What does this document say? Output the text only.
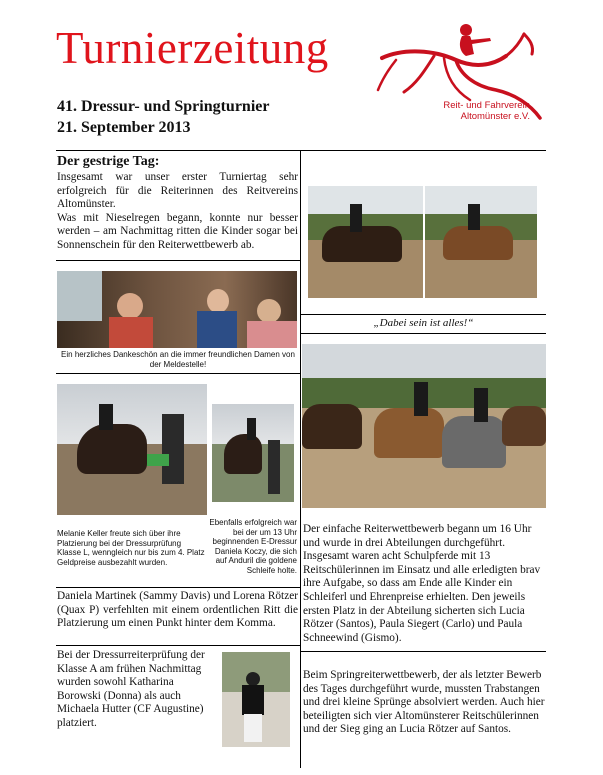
Turnierzeitung
41. Dressur- und Springturnier
21. September 2013
Reit- und Fahrverein
Altomünster e.V.
Der gestrige Tag:
Insgesamt war unser erster Turniertag sehr erfolgreich für die Reiterinnen des Reitvereins Altomünster.
Was mit Nieselregen begann, konnte nur besser werden – am Nachmittag ritten die Kinder sogar bei Sonnenschein für den Reiterwettbewerb ab.
Ein herzliches Dankeschön an die immer freundlichen Damen von der Meldestelle!
Melanie Keller freute sich über ihre Platzierung bei der Dressurprüfung Klasse L, wenngleich nur bis zum 4. Platz Geldpreise ausbezahlt wurden.
Ebenfalls erfolgreich war bei der um 13 Uhr beginnenden E-Dressur Daniela Koczy, die sich auf Anduril die goldene Schleife holte.
Daniela Martinek (Sammy Davis) und Lorena Rötzer (Quax P) verfehlten mit einem ordentlichen Ritt die Platzierung um einen Punkt hinter dem Komma.
Bei der Dressurreiterprüfung der Klasse A am frühen Nachmittag wurden sowohl Katharina Borowski (Donna) als auch Michaela Hutter (CF Augustine) platziert.
„Dabei sein ist alles!“
Der einfache Reiterwettbewerb begann um 16 Uhr und wurde in drei Abteilungen durchgeführt. Insgesamt waren acht Schulpferde mit 13 Reitschülerinnen im Einsatz und alle erledigten brav ihre Aufgabe, so dass am Ende alle Kinder ein Schleiferl und Ehrenpreise erhielten. Den jeweils ersten Platz in der Abteilung sicherten sich Lucia Rötzer (Santos), Paula Siegert (Carlo) und Paula Schneewind (Gismo).
Beim Springreiterwettbewerb, der als letzter Bewerb des Tages durchgeführt wurde, mussten Trabstangen und drei kleine Sprünge absolviert werden. Auch hier beteiligten sich vier Altomünsterer Reitschülerinnen und der Sieg ging an Lucia Rötzer auf Santos.
